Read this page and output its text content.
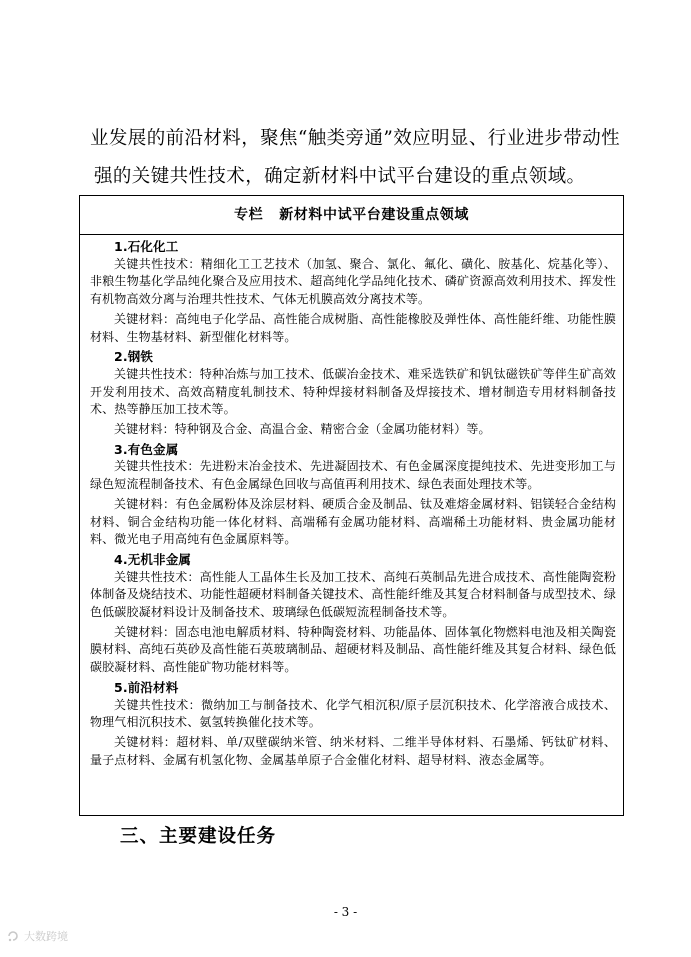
业发展的前沿材料，聚焦“触类旁通”效应明显、行业进步带动性

强的关键共性技术，确定新材料中试平台建设的重点领域。

专栏 新材料中试平台建设重点领域

1.石化化工

关键共性技术：精细化工工艺技术（加氢、聚合、氯化、氟化、磺化、胺基化、烷基化等）、非粮生物基化学品纯化聚合及应用技术、超高纯化学品纯化技术、磷矿资源高效利用技术、挥发性有机物高效分离与治理共性技术、气体无机膜高效分离技术等。

关键材料：高纯电子化学品、高性能合成树脂、高性能橡胶及弹性体、高性能纤维、功能性膜材料、生物基材料、新型催化材料等。

2.钢铁

关键共性技术：特种冶炼与加工技术、低碳冶金技术、难采选铁矿和钒钛磁铁矿等伴生矿高效开发利用技术、高效高精度轧制技术、特种焊接材料制备及焊接技术、增材制造专用材料制备技术、热等静压加工技术等。

关键材料：特种钢及合金、高温合金、精密合金（金属功能材料）等。

3.有色金属

关键共性技术：先进粉末冶金技术、先进凝固技术、有色金属深度提纯技术、先进变形加工与绿色短流程制备技术、有色金属绿色回收与高值再利用技术、绿色表面处理技术等。

关键材料：有色金属粉体及涂层材料、硬质合金及制品、钛及难熔金属材料、铝镁轻合金结构材料、铜合金结构功能一体化材料、高端稀有金属功能材料、高端稀土功能材料、贵金属功能材料、微光电子用高纯有色金属原料等。

4.无机非金属

关键共性技术：高性能人工晶体生长及加工技术、高纯石英制品先进合成技术、高性能陶瓷粉体制备及烧结技术、功能性超硬材料制备关键技术、高性能纤维及其复合材料制备与成型技术、绿色低碳胶凝材料设计及制备技术、玻璃绿色低碳短流程制备技术等。

关键材料：固态电池电解质材料、特种陶瓷材料、功能晶体、固体氧化物燃料电池及相关陶瓷膜材料、高纯石英砂及高性能石英玻璃制品、超硬材料及制品、高性能纤维及其复合材料、绿色低碳胶凝材料、高性能矿物功能材料等。

5.前沿材料

关键共性技术：微纳加工与制备技术、化学气相沉积/原子层沉积技术、化学溶液合成技术、物理气相沉积技术、氨氢转换催化技术等。

关键材料：超材料、单/双壁碳纳米管、纳米材料、二维半导体材料、石墨烯、钙钛矿材料、量子点材料、金属有机氢化物、金属基单原子合金催化材料、超导材料、液态金属等。

三、主要建设任务
- 3 -
大数跨境
